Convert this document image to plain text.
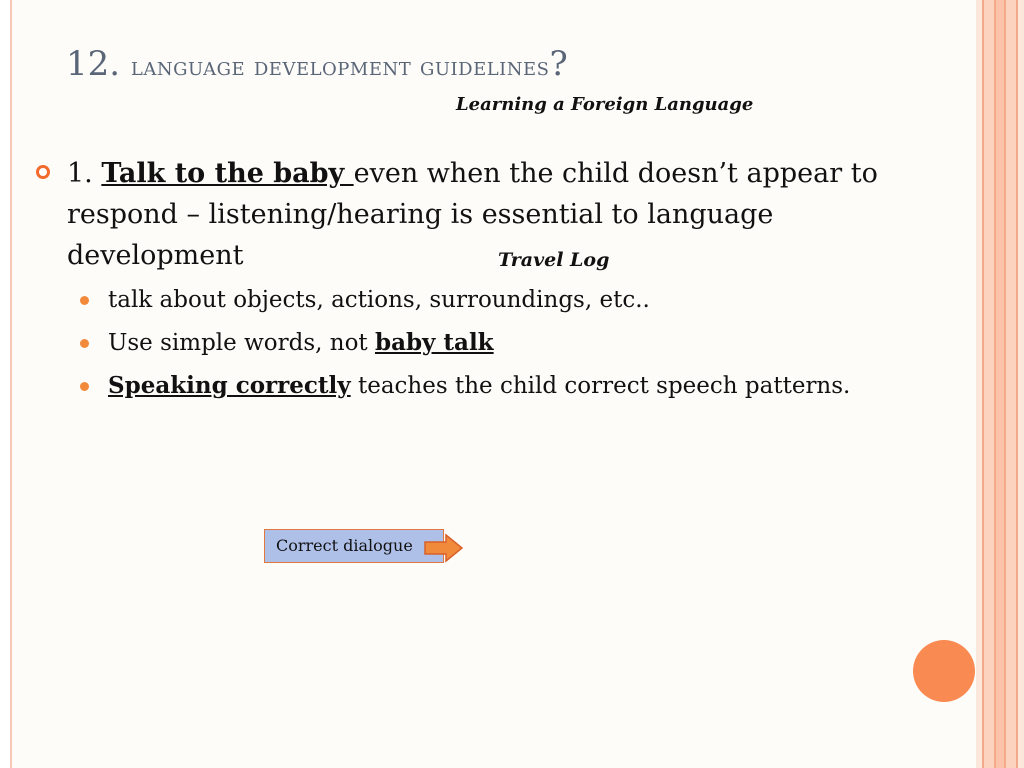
12. language development guidelines?
Learning a Foreign Language
1. Talk to the baby even when the child doesn’t appear to respond – listening/hearing is essential to language development	Travel Log
talk about objects, actions, surroundings, etc..
Use simple words, not baby talk
Speaking correctly teaches the child correct speech patterns.
Correct dialogue
